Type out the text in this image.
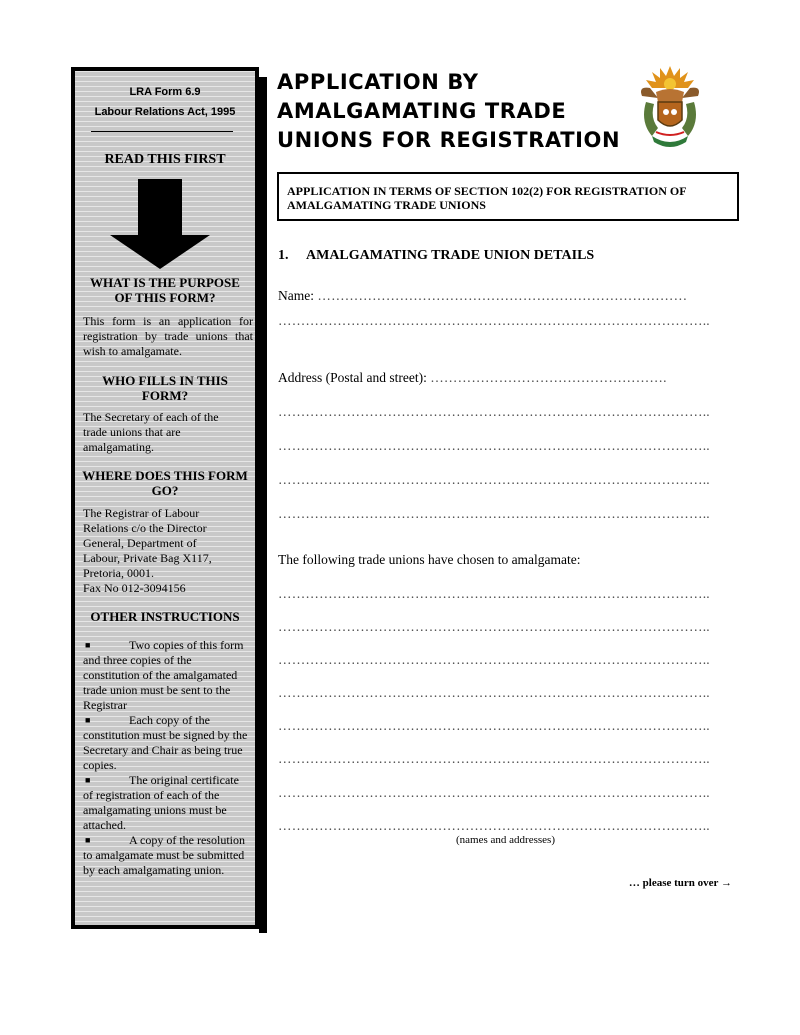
LRA Form 6.9
Labour Relations Act, 1995
READ THIS FIRST
WHAT IS THE PURPOSE OF THIS FORM?
This form is an application for registration by trade unions that wish to amalgamate.
WHO FILLS IN THIS FORM?
The Secretary of each of the trade unions that are amalgamating.
WHERE DOES THIS FORM GO?
The Registrar of Labour Relations c/o the Director General, Department of Labour, Private Bag X117, Pretoria, 0001.
Fax No 012-3094156
OTHER INSTRUCTIONS
■	Two copies of this form and three copies of the constitution of the amalgamated trade union must be sent to the Registrar
■	Each copy of the constitution must be signed by the Secretary and Chair as being true copies.
■	The original certificate of registration of each of the amalgamating unions must be attached.
■	A copy of the resolution to amalgamate must be submitted by each amalgamating union.
APPLICATION BY
AMALGAMATING TRADE
UNIONS FOR REGISTRATION
APPLICATION IN TERMS OF SECTION 102(2) FOR REGISTRATION OF AMALGAMATING TRADE UNIONS
1. AMALGAMATING TRADE UNION DETAILS
Name: ………………………………………………………………………
…………………………………………………………………………………..
Address (Postal and street): …………………………………………….
…………………………………………………………………………………..
…………………………………………………………………………………..
…………………………………………………………………………………..
…………………………………………………………………………………..
The following trade unions have chosen to amalgamate:
…………………………………………………………………………………..
…………………………………………………………………………………..
…………………………………………………………………………………..
…………………………………………………………………………………..
…………………………………………………………………………………..
…………………………………………………………………………………..
…………………………………………………………………………………..
…………………………………………………………………………………..
(names and addresses)
… please turn over →
